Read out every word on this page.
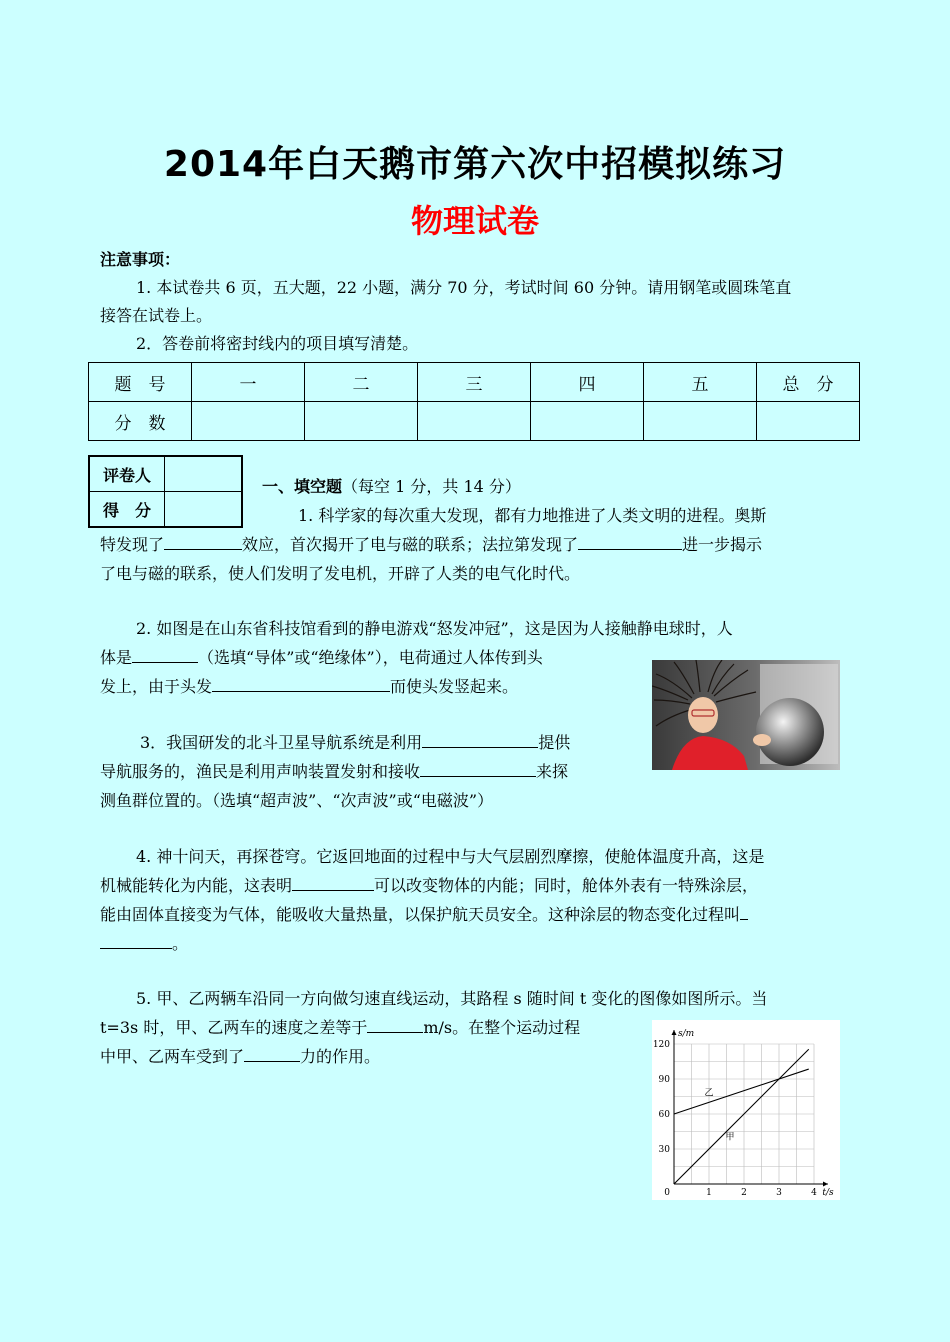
2014年白天鹅市第六次中招模拟练习
物理试卷
注意事项：
1. 本试卷共 6 页，五大题，22 小题，满分 70 分，考试时间 60 分钟。请用钢笔或圆珠笔直
接答在试卷上。
2．答卷前将密封线内的项目填写清楚。
题　号	一	二	三	四	五	总　分
分　数						
评卷人	
得　分	
一、填空题（每空 1 分，共 14 分）
1. 科学家的每次重大发现，都有力地推进了人类文明的进程。奥斯
特发现了	效应，首次揭开了电与磁的联系；法拉第发现了	进一步揭示
了电与磁的联系，使人们发明了发电机，开辟了人类的电气化时代。
2. 如图是在山东省科技馆看到的静电游戏“怒发冲冠”，这是因为人接触静电球时，人
体是	（选填“导体”或“绝缘体”），电荷通过人体传到头
发上，由于头发	而使头发竖起来。
3．我国研发的北斗卫星导航系统是利用	提供
导航服务的，渔民是利用声呐装置发射和接收	来探
测鱼群位置的。（选填“超声波”、“次声波”或“电磁波”）
4. 神十问天，再探苍穹。它返回地面的过程中与大气层剧烈摩擦，使舱体温度升高，这是
机械能转化为内能，这表明	可以改变物体的内能；同时，舱体外表有一特殊涂层，
能由固体直接变为气体，能吸收大量热量，以保护航天员安全。这种涂层的物态变化过程叫
。
5. 甲、乙两辆车沿同一方向做匀速直线运动，其路程 s 随时间 t 变化的图像如图所示。当
t=3s 时，甲、乙两车的速度之差等于	m/s。在整个运动过程
中甲、乙两车受到了	力的作用。
1	2	3	4
30
60
90
120
0	t/s
s/m
甲
乙
